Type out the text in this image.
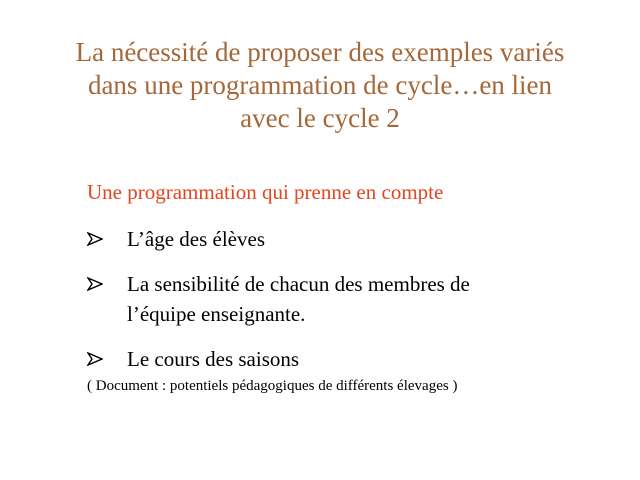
La nécessité de proposer des exemples variés
dans une programmation de cycle…en lien
avec le cycle 2
Une programmation qui prenne en compte
L’âge des élèves
La sensibilité de chacun des membres de
l’équipe enseignante.
Le cours des saisons
( Document : potentiels pédagogiques de différents élevages )
